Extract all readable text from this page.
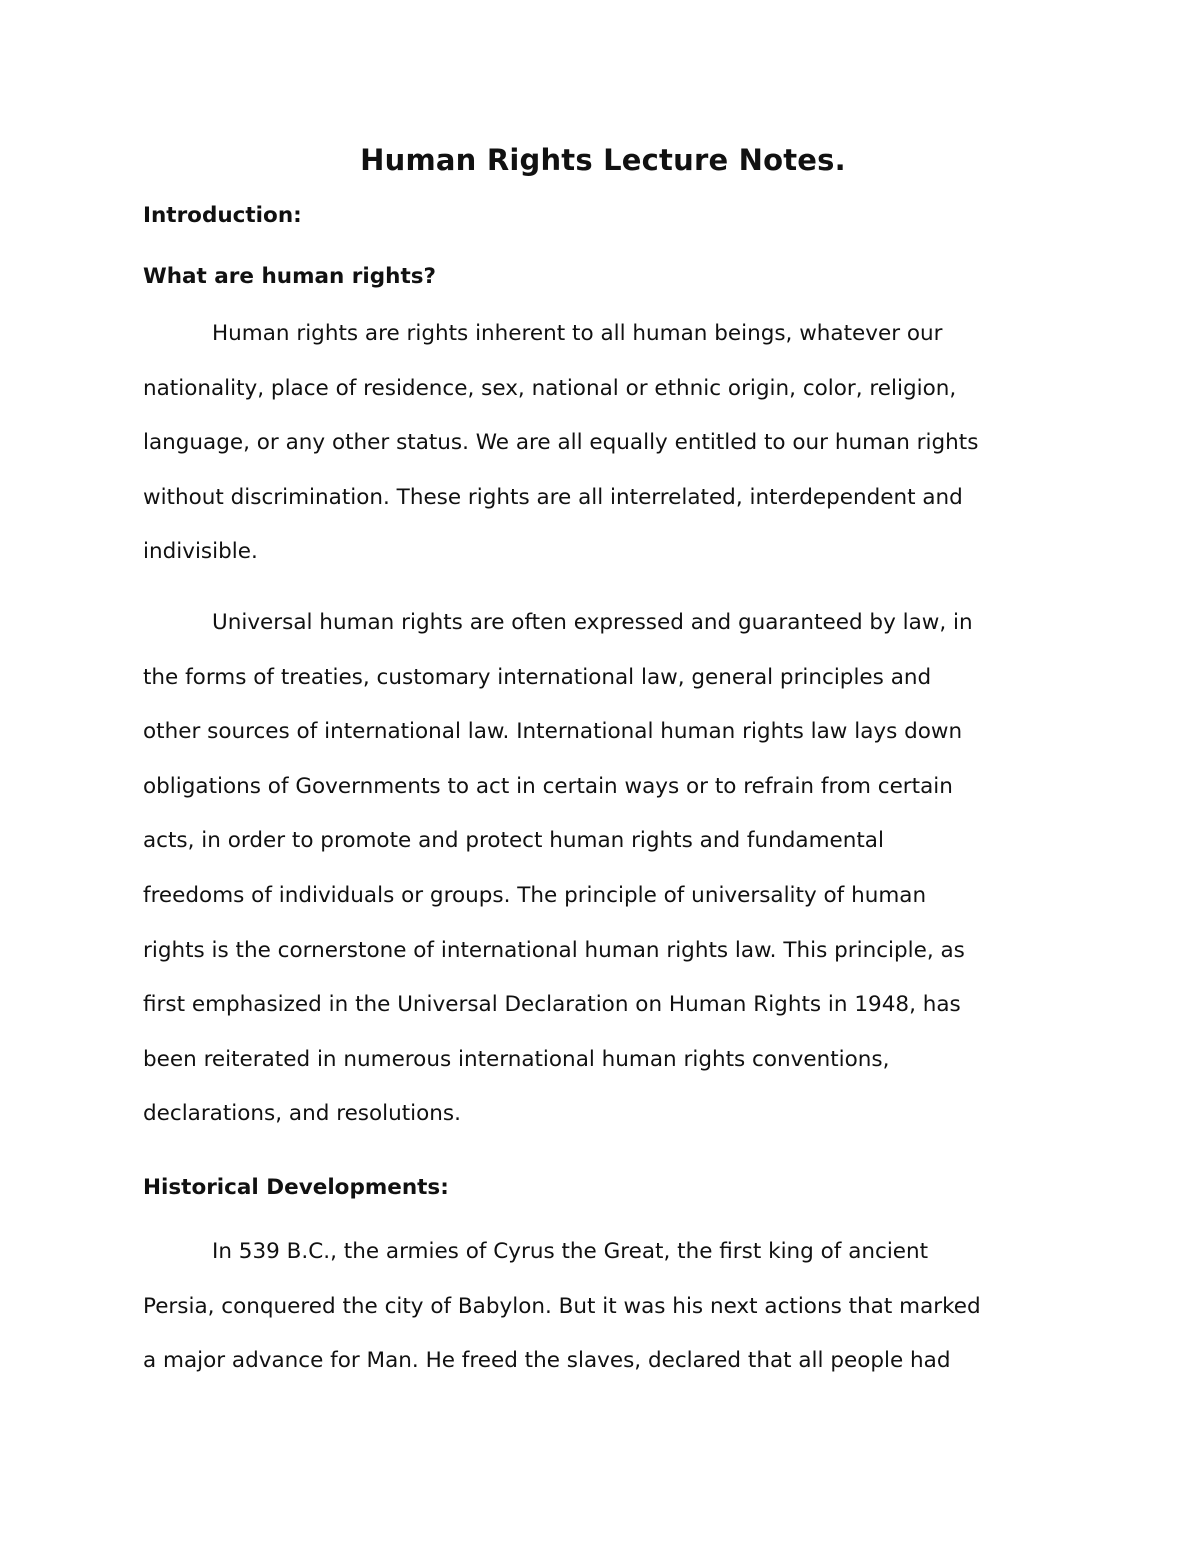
Human Rights Lecture Notes.

Introduction:

What are human rights?

Human rights are rights inherent to all human beings, whatever our
nationality, place of residence, sex, national or ethnic origin, color, religion,
language, or any other status. We are all equally entitled to our human rights
without discrimination. These rights are all interrelated, interdependent and
indivisible.

Universal human rights are often expressed and guaranteed by law, in
the forms of treaties, customary international law, general principles and
other sources of international law. International human rights law lays down
obligations of Governments to act in certain ways or to refrain from certain
acts, in order to promote and protect human rights and fundamental
freedoms of individuals or groups. The principle of universality of human
rights is the cornerstone of international human rights law. This principle, as
first emphasized in the Universal Declaration on Human Rights in 1948, has
been reiterated in numerous international human rights conventions,
declarations, and resolutions.

Historical Developments:

In 539 B.C., the armies of Cyrus the Great, the first king of ancient
Persia, conquered the city of Babylon. But it was his next actions that marked
a major advance for Man. He freed the slaves, declared that all people had
